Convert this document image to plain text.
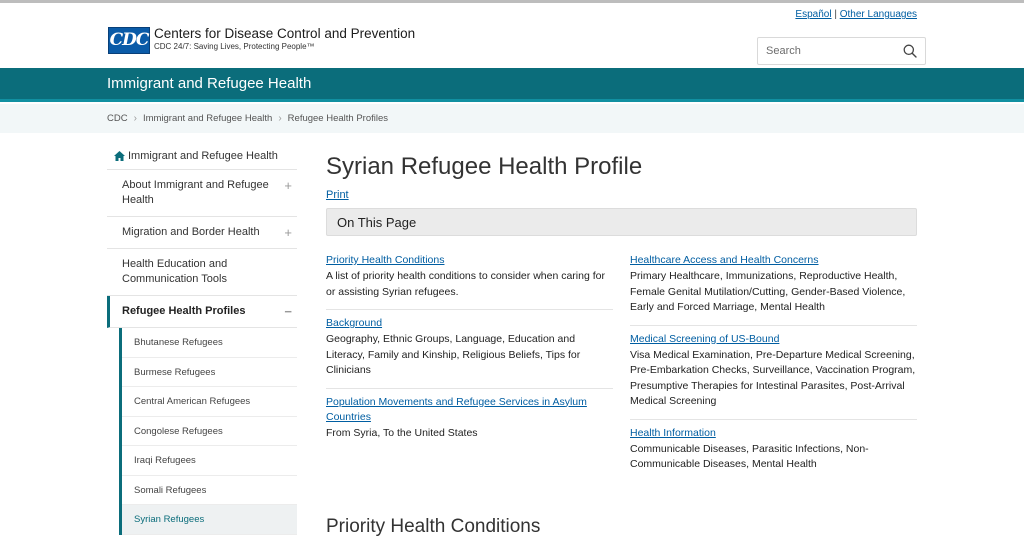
CDC Centers for Disease Control and Prevention
CDC 24/7: Saving Lives, Protecting People™
Español | Other Languages
Search
Immigrant and Refugee Health
CDC › Immigrant and Refugee Health › Refugee Health Profiles
Immigrant and Refugee Health
About Immigrant and Refugee Health
+
Migration and Border Health +
Health Education and Communication Tools
Refugee Health Profiles	−
Bhutanese Refugees
Burmese Refugees
Central American Refugees
Congolese Refugees
Iraqi Refugees
Somali Refugees
Syrian Refugees
Syrian Refugee Health Profile
Print
On This Page
Priority Health Conditions

A list of priority health conditions to consider when caring for or assisting Syrian refugees.

Background

Geography, Ethnic Groups, Language, Education and Literacy, Family and Kinship, Religious Beliefs, Tips for Clinicians

Population Movements and Refugee Services in Asylum Countries

From Syria, To the United States

Healthcare Access and Health Concerns

Primary Healthcare, Immunizations, Reproductive Health, Female Genital Mutilation/Cutting, Gender-Based Violence, Early and Forced Marriage, Mental Health

Medical Screening of US-Bound

Visa Medical Examination, Pre-Departure Medical Screening, Pre-Embarkation Checks, Surveillance, Vaccination Program, Presumptive Therapies for Intestinal Parasites, Post-Arrival Medical Screening

Health Information

Communicable Diseases, Parasitic Infections, Non-Communicable Diseases, Mental Health

Priority Health Conditions
